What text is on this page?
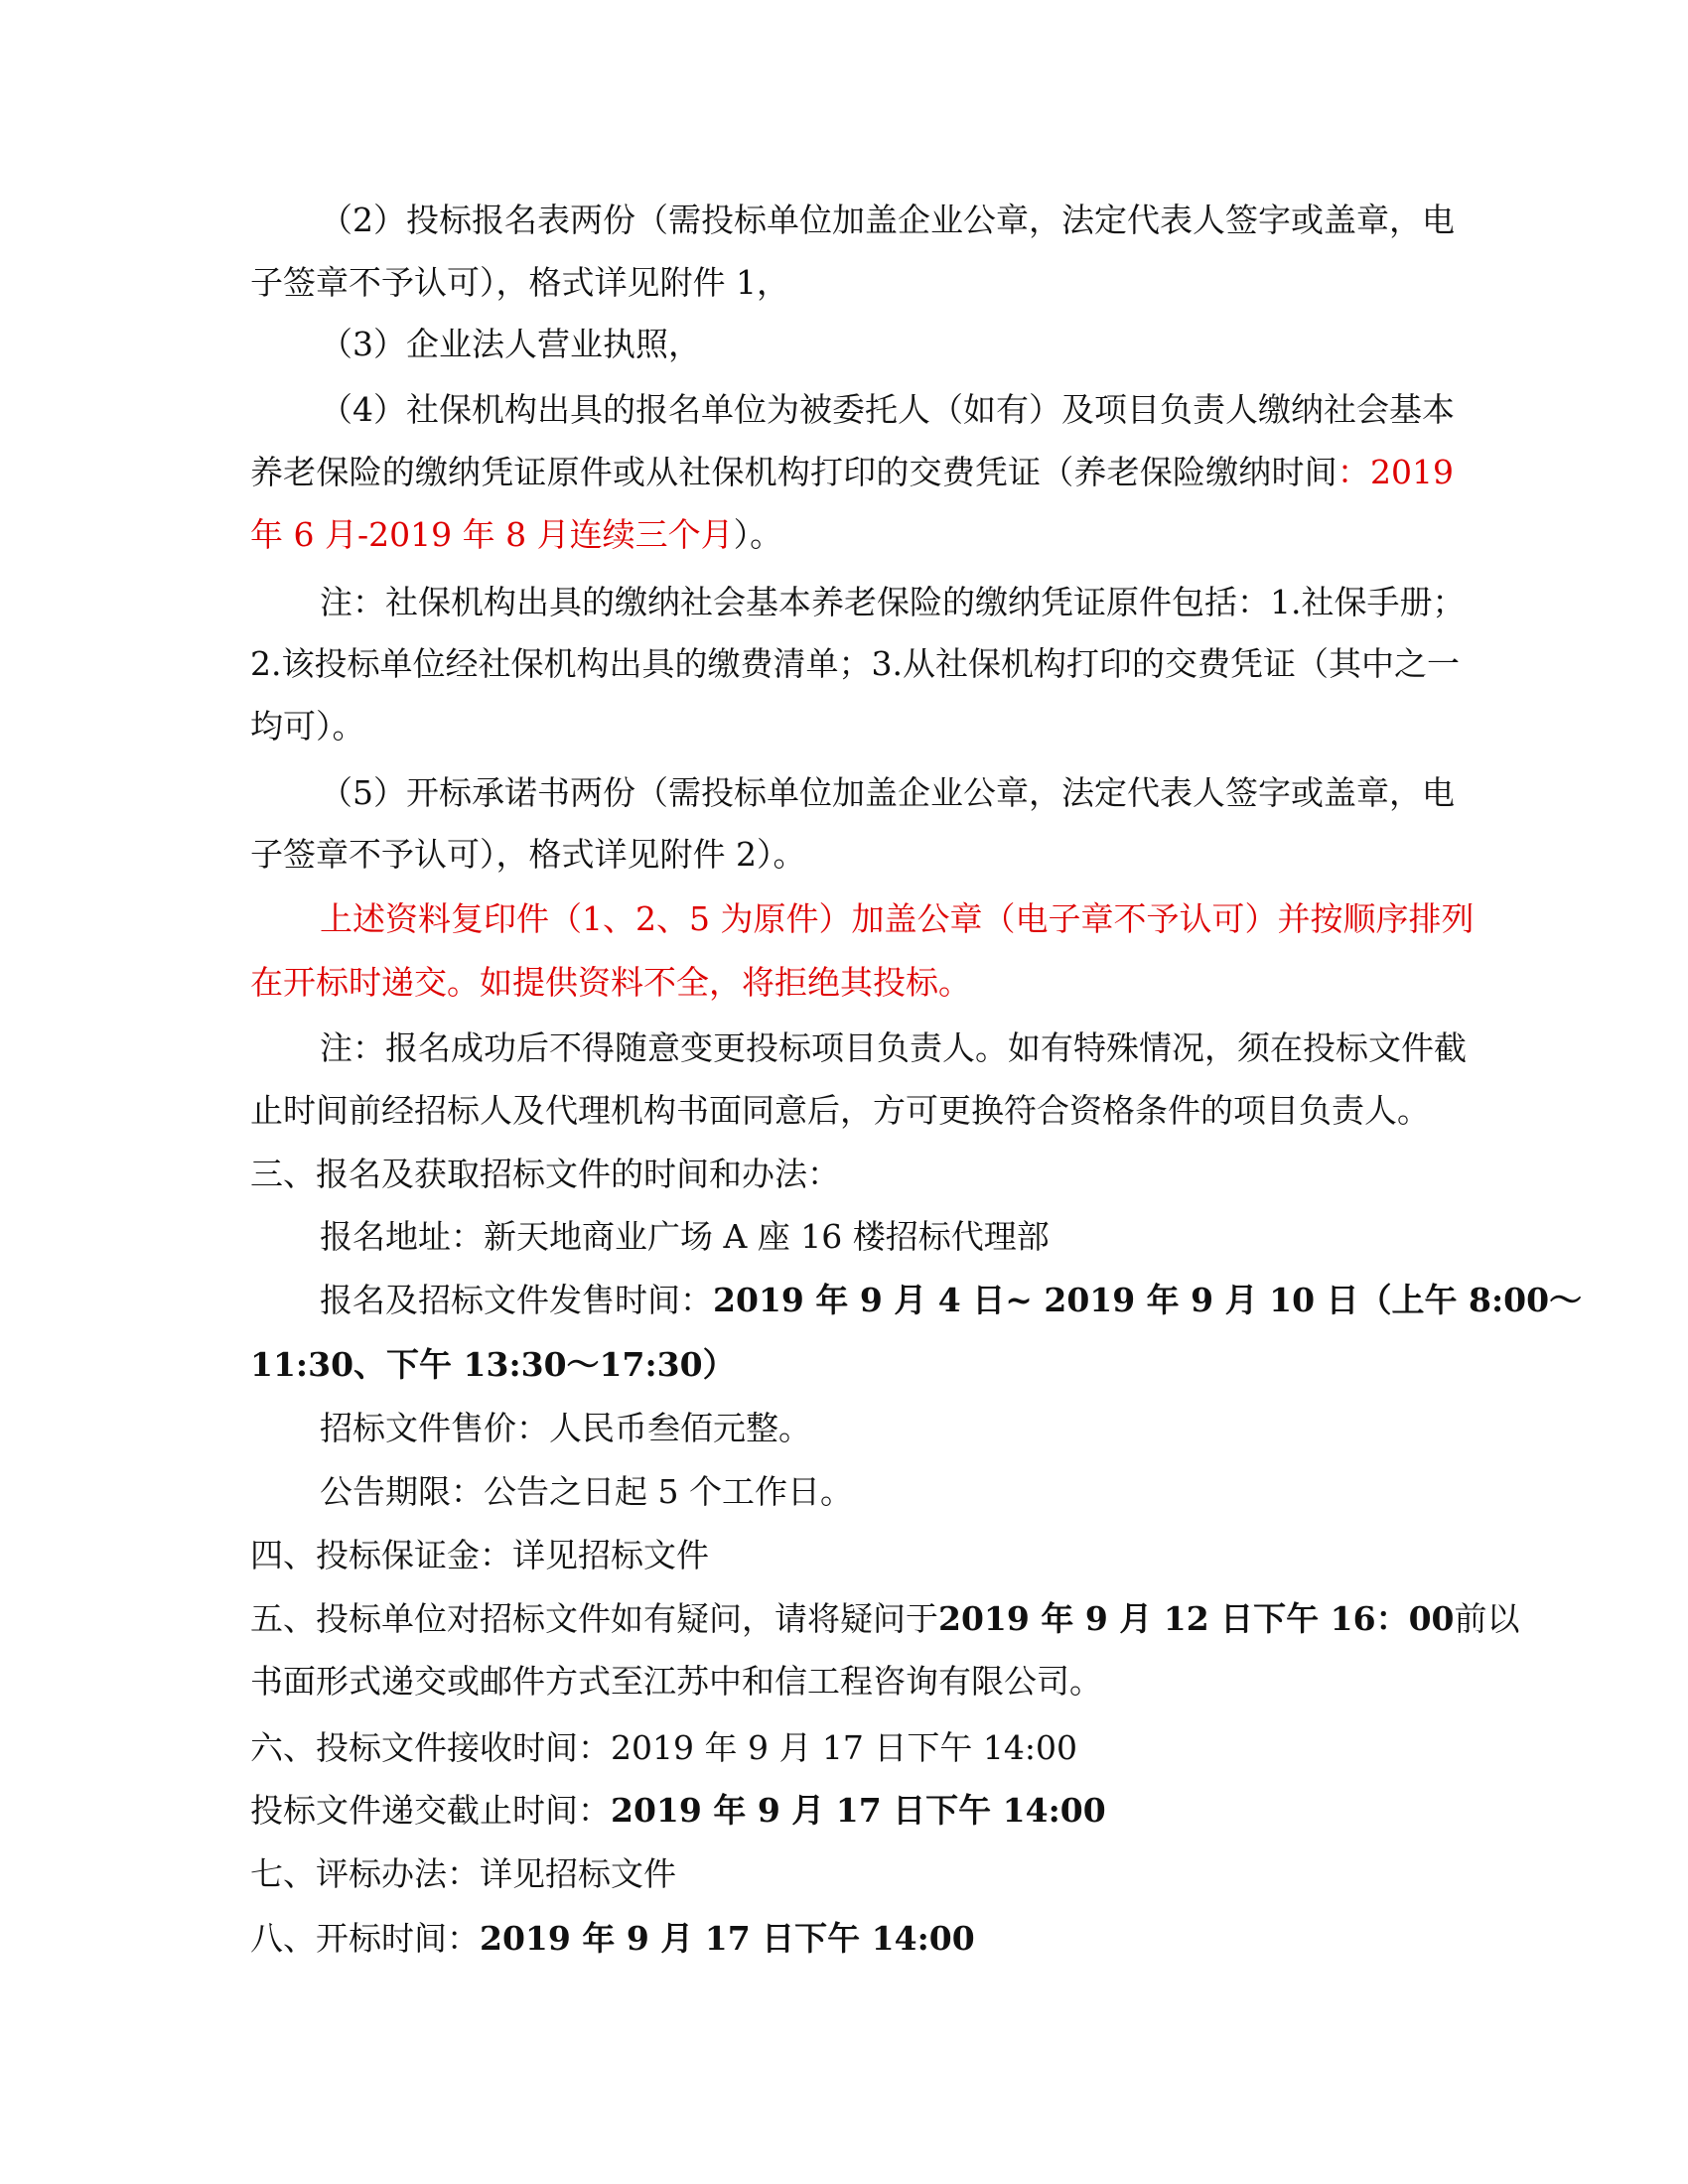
（2）投标报名表两份（需投标单位加盖企业公章，法定代表人签字或盖章，电
子签章不予认可），格式详见附件 1，
（3）企业法人营业执照，
（4）社保机构出具的报名单位为被委托人（如有）及项目负责人缴纳社会基本
养老保险的缴纳凭证原件或从社保机构打印的交费凭证（养老保险缴纳时间：2019
年 6 月-2019 年 8 月连续三个月）。
注：社保机构出具的缴纳社会基本养老保险的缴纳凭证原件包括：1.社保手册；
2.该投标单位经社保机构出具的缴费清单；3.从社保机构打印的交费凭证（其中之一
均可）。
（5）开标承诺书两份（需投标单位加盖企业公章，法定代表人签字或盖章，电
子签章不予认可），格式详见附件 2）。
上述资料复印件（1、2、5 为原件）加盖公章（电子章不予认可）并按顺序排列
在开标时递交。如提供资料不全，将拒绝其投标。
注：报名成功后不得随意变更投标项目负责人。如有特殊情况，须在投标文件截
止时间前经招标人及代理机构书面同意后，方可更换符合资格条件的项目负责人。
三、报名及获取招标文件的时间和办法：
报名地址：新天地商业广场 A 座 16 楼招标代理部
报名及招标文件发售时间：2019 年 9 月 4 日~ 2019 年 9 月 10 日（上午 8:00～
11:30、下午 13:30～17:30）
招标文件售价：人民币叁佰元整。
公告期限：公告之日起 5 个工作日。
四、投标保证金：详见招标文件
五、投标单位对招标文件如有疑问，请将疑问于2019 年 9 月 12 日下午 16：00前以
书面形式递交或邮件方式至江苏中和信工程咨询有限公司。
六、投标文件接收时间：2019 年 9 月 17 日下午 14:00
投标文件递交截止时间：2019 年 9 月 17 日下午 14:00
七、评标办法：详见招标文件
八、开标时间：2019 年 9 月 17 日下午 14:00
